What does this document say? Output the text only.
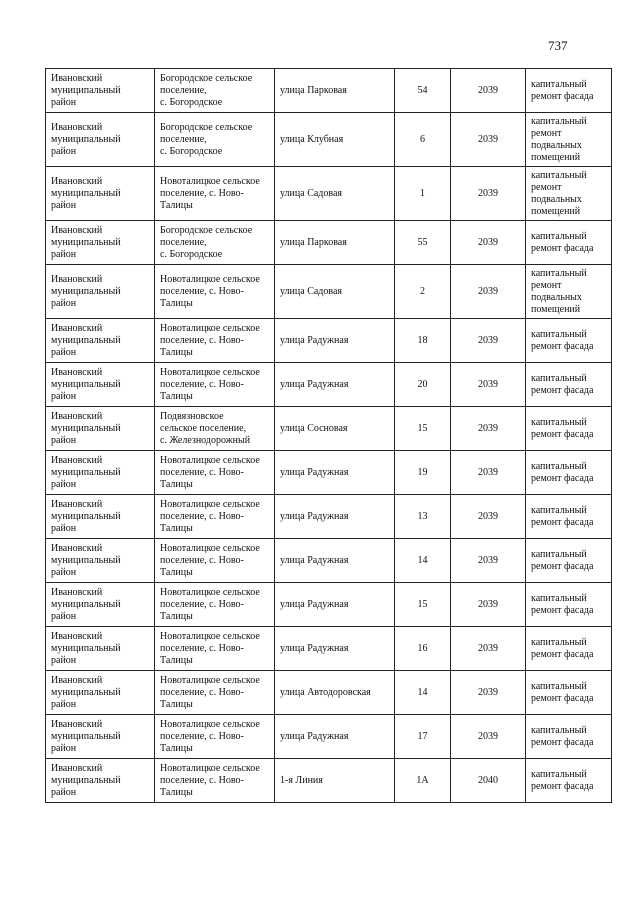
737
Ивановский
муниципальный
район	Богородское сельское
поселение,
с. Богородское	улица Парковая	54	2039	капитальный
ремонт фасада

Ивановский
муниципальный
район	Богородское сельское
поселение,
с. Богородское	улица Клубная	6	2039	капитальный
ремонт
подвальных
помещений

Ивановский
муниципальный
район	Новоталицкое сельское
поселение, с. Ново-
Талицы	улица Садовая	1	2039	капитальный
ремонт
подвальных
помещений

Ивановский
муниципальный
район	Богородское сельское
поселение,
с. Богородское	улица Парковая	55	2039	капитальный
ремонт фасада

Ивановский
муниципальный
район	Новоталицкое сельское
поселение, с. Ново-
Талицы	улица Садовая	2	2039	капитальный
ремонт
подвальных
помещений

Ивановский
муниципальный
район	Новоталицкое сельское
поселение, с. Ново-
Талицы	улица Радужная	18	2039	капитальный
ремонт фасада

Ивановский
муниципальный
район	Новоталицкое сельское
поселение, с. Ново-
Талицы	улица Радужная	20	2039	капитальный
ремонт фасада

Ивановский
муниципальный
район	Подвязновское
сельское поселение,
с. Железнодорожный	улица Сосновая	15	2039	капитальный
ремонт фасада

Ивановский
муниципальный
район	Новоталицкое сельское
поселение, с. Ново-
Талицы	улица Радужная	19	2039	капитальный
ремонт фасада

Ивановский
муниципальный
район	Новоталицкое сельское
поселение, с. Ново-
Талицы	улица Радужная	13	2039	капитальный
ремонт фасада

Ивановский
муниципальный
район	Новоталицкое сельское
поселение, с. Ново-
Талицы	улица Радужная	14	2039	капитальный
ремонт фасада

Ивановский
муниципальный
район	Новоталицкое сельское
поселение, с. Ново-
Талицы	улица Радужная	15	2039	капитальный
ремонт фасада

Ивановский
муниципальный
район	Новоталицкое сельское
поселение, с. Ново-
Талицы	улица Радужная	16	2039	капитальный
ремонт фасада

Ивановский
муниципальный
район	Новоталицкое сельское
поселение, с. Ново-
Талицы	улица Автодоровская	14	2039	капитальный
ремонт фасада

Ивановский
муниципальный
район	Новоталицкое сельское
поселение, с. Ново-
Талицы	улица Радужная	17	2039	капитальный
ремонт фасада

Ивановский
муниципальный
район	Новоталицкое сельское
поселение, с. Ново-
Талицы	1-я Линия	1А	2040	капитальный
ремонт фасада
